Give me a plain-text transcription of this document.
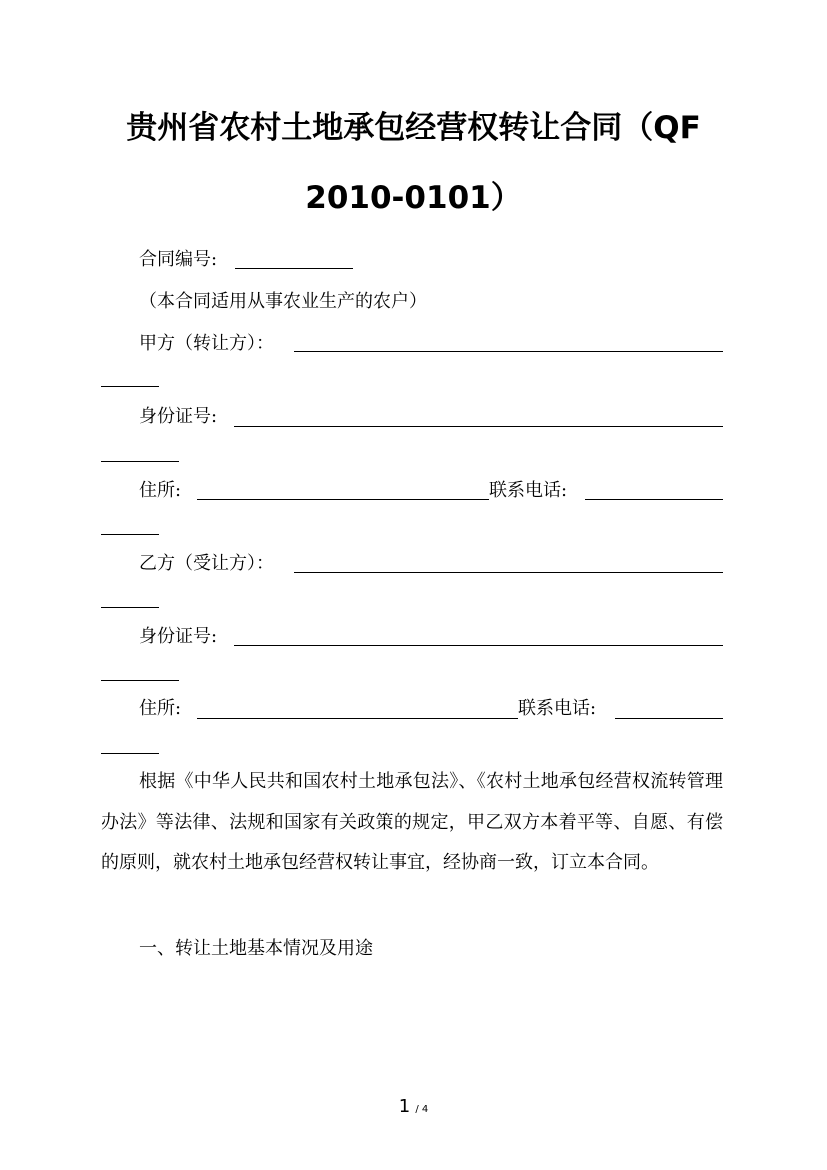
贵州省农村土地承包经营权转让合同（QF
2010-0101）
合同编号:
（本合同适用从事农业生产的农户）
甲方（转让方）：
身份证号:
住所:	联系电话:
乙方（受让方）：
身份证号:
住所:	联系电话:

根据《中华人民共和国农村土地承包法》、《农村土地承包经营权流转管理办法》等法律、法规和国家有关政策的规定，甲乙双方本着平等、自愿、有偿的原则，就农村土地承包经营权转让事宜，经协商一致，订立本合同。

一、转让土地基本情况及用途
1 / 4
